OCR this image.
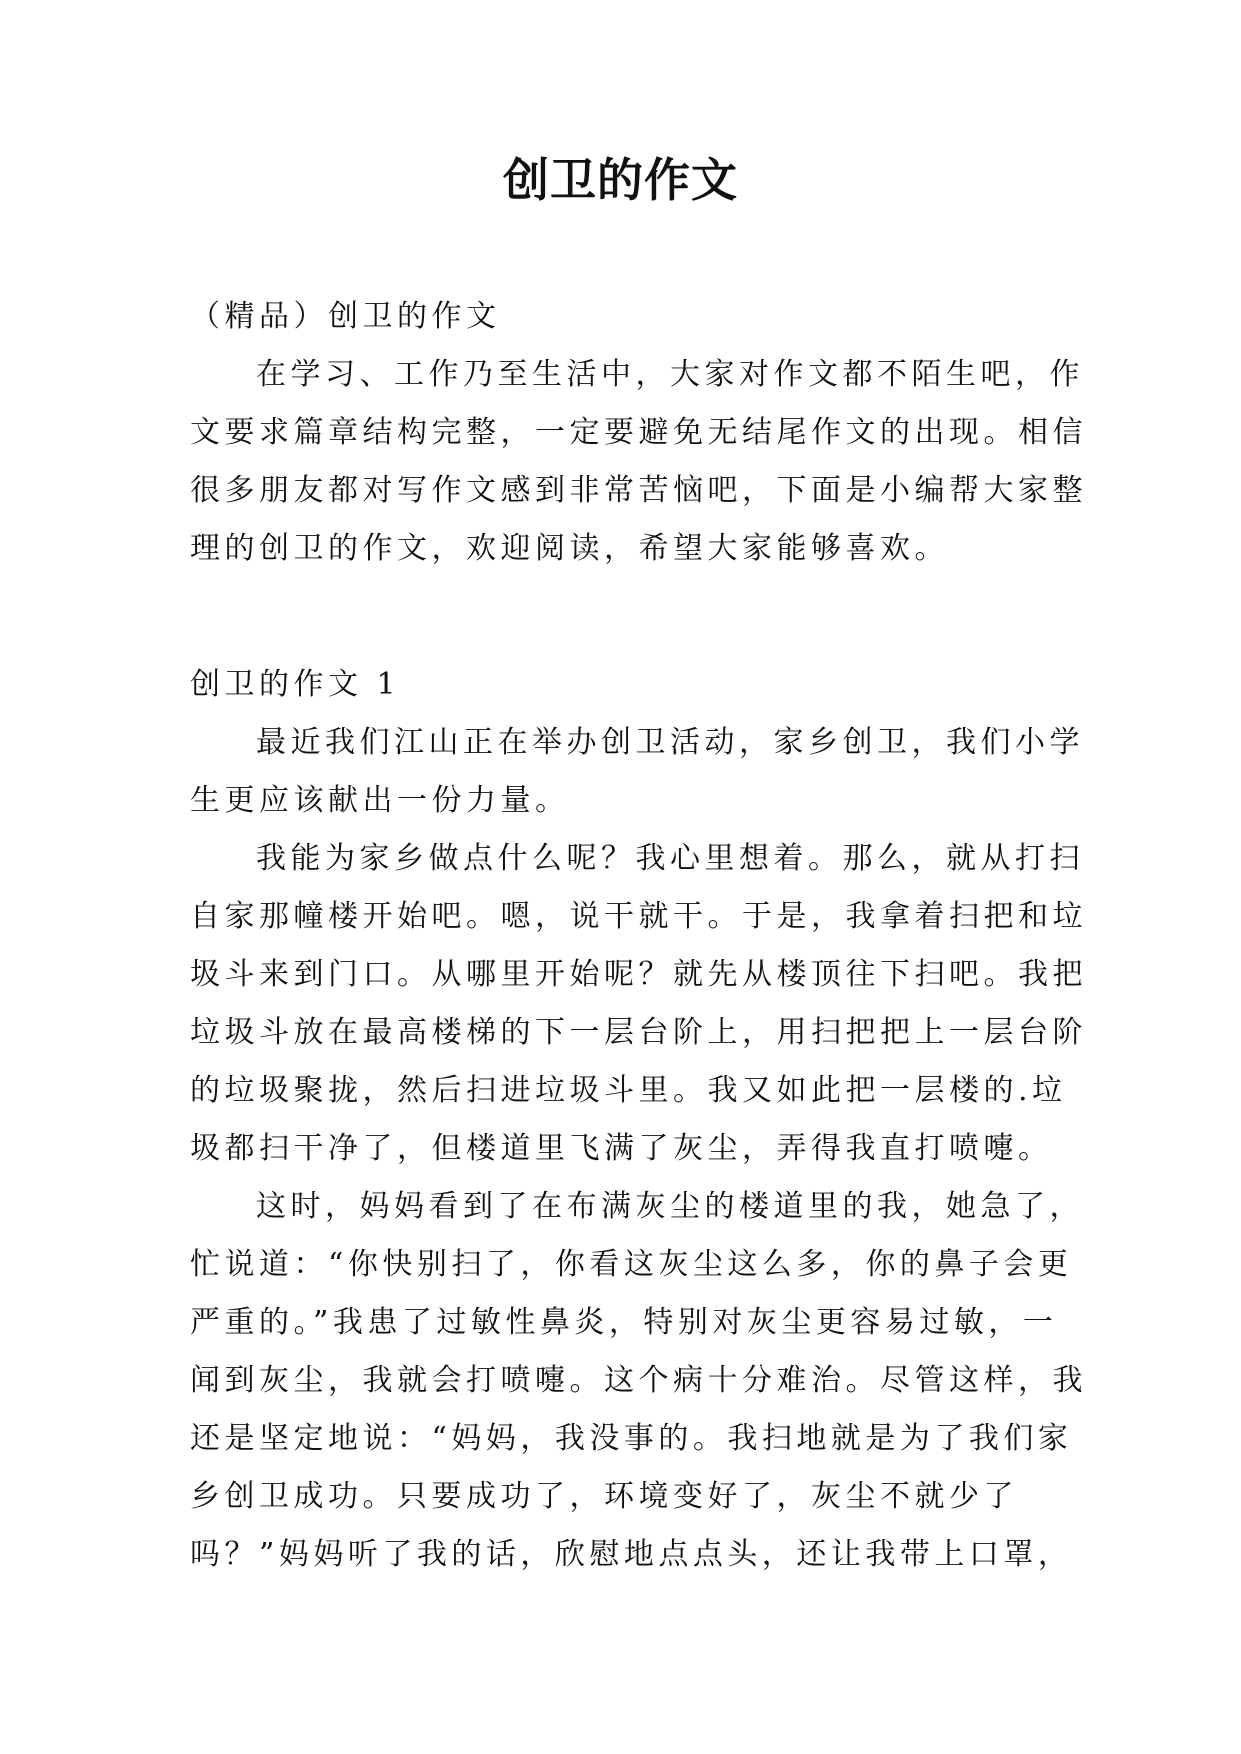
创卫的作文
（精品）创卫的作文
在学习、工作乃至生活中，大家对作文都不陌生吧，作
文要求篇章结构完整，一定要避免无结尾作文的出现。相信
很多朋友都对写作文感到非常苦恼吧，下面是小编帮大家整
理的创卫的作文，欢迎阅读，希望大家能够喜欢。
创卫的作文 1
最近我们江山正在举办创卫活动，家乡创卫，我们小学
生更应该献出一份力量。
我能为家乡做点什么呢？我心里想着。那么，就从打扫
自家那幢楼开始吧。嗯，说干就干。于是，我拿着扫把和垃
圾斗来到门口。从哪里开始呢？就先从楼顶往下扫吧。我把
垃圾斗放在最高楼梯的下一层台阶上，用扫把把上一层台阶
的垃圾聚拢，然后扫进垃圾斗里。我又如此把一层楼的.垃
圾都扫干净了，但楼道里飞满了灰尘，弄得我直打喷嚏。
这时，妈妈看到了在布满灰尘的楼道里的我，她急了，
忙说道：“你快别扫了，你看这灰尘这么多，你的鼻子会更
严重的。”我患了过敏性鼻炎，特别对灰尘更容易过敏，一
闻到灰尘，我就会打喷嚏。这个病十分难治。尽管这样，我
还是坚定地说：“妈妈，我没事的。我扫地就是为了我们家
乡创卫成功。只要成功了，环境变好了，灰尘不就少了
吗？”妈妈听了我的话，欣慰地点点头，还让我带上口罩，
